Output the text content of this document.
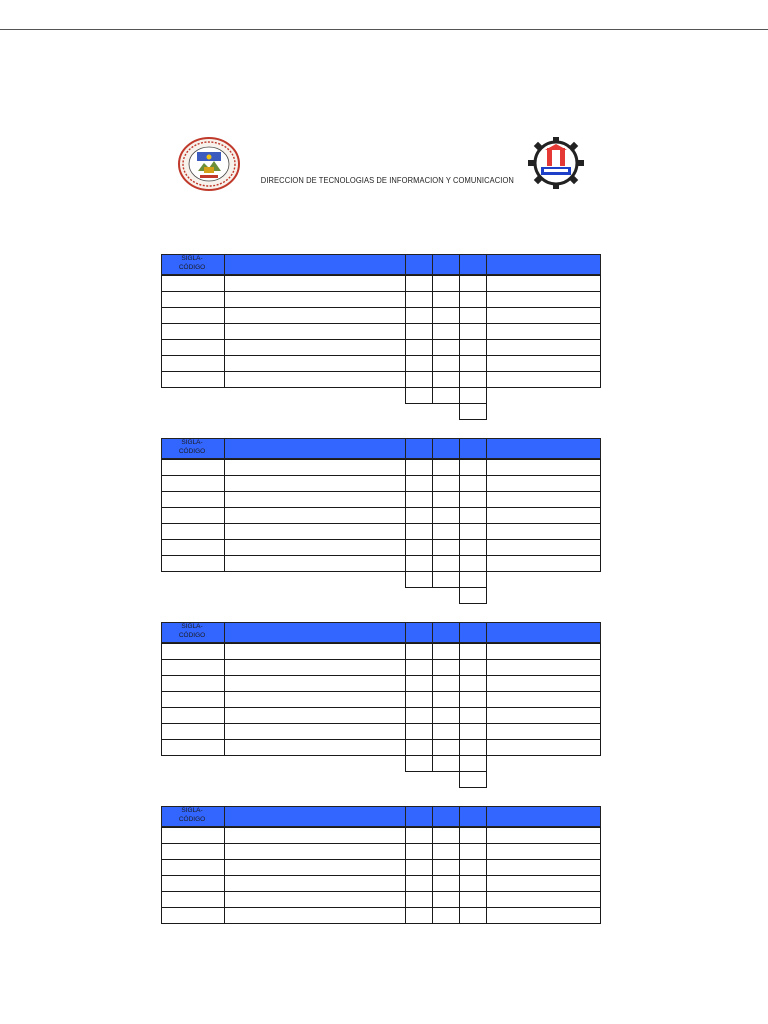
DIRECCION DE TECNOLOGIAS DE INFORMACION Y COMUNICACION
SIGLA-
CÓDIGO
SIGLA-
CÓDIGO
SIGLA-
CÓDIGO
SIGLA-
CÓDIGO
